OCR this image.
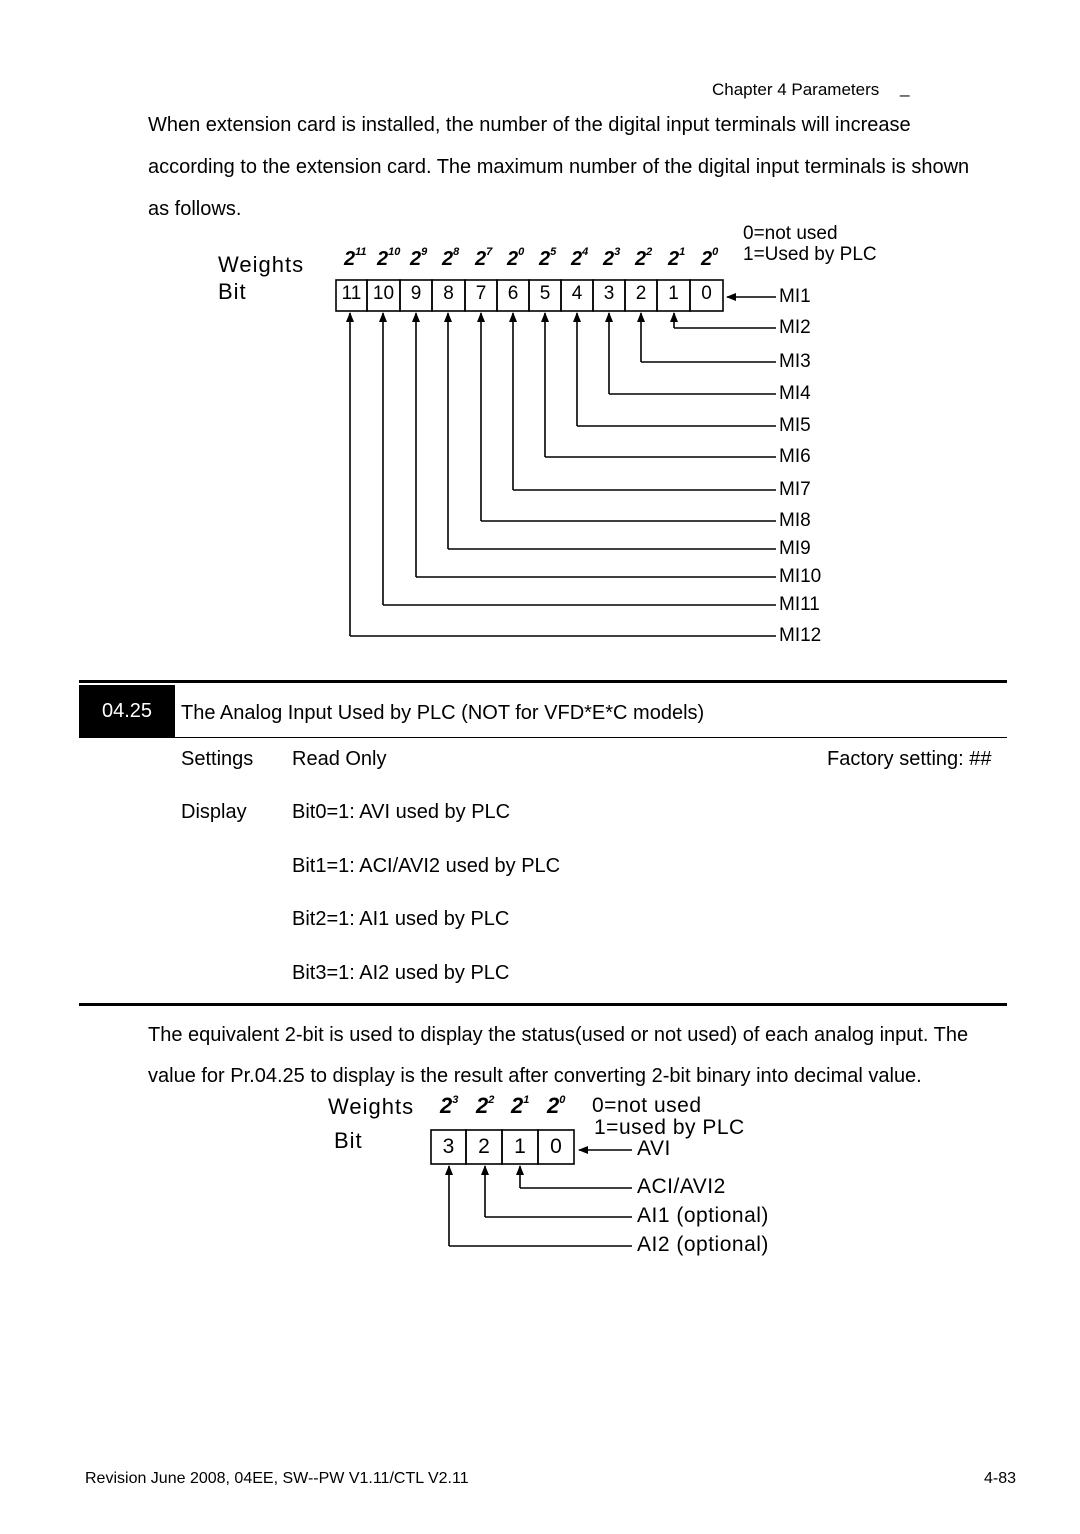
Chapter 4 Parameters _
When extension card is installed, the number of the digital input terminals will increase
according to the extension card. The maximum number of the digital input terminals is shown
as follows.
Weights
Bit
0=not used
1=Used by PLC
$2^{11}$ $2^{10}$ $2^9$ $2^8$ $2^7$ $2^0$ $2^5$ $2^4$ $2^3$ $2^2$ $2^1$ $2^0$
11 10 9	8	7	6	5	4	3	2	1	0	MI1
MI2
MI3
MI4
MI5
MI6
MI7
MI8
MI9
MI10
MI11
MI12
04.25	The Analog Input Used by PLC (NOT for VFD*E*C models)
Settings Read Only	Factory setting: ##
Display Bit0=1: AVI used by PLC
Bit1=1: ACI/AVI2 used by PLC
Bit2=1: AI1 used by PLC
Bit3=1: AI2 used by PLC
The equivalent 2-bit is used to display the status(used or not used) of each analog input. The
value for Pr.04.25 to display is the result after converting 2-bit binary into decimal value.
Weights
Bit
0=not used
1=used by PLC
$2^3$ $2^2$ $2^1$ $2^0$
3	2	1	0	AVI
ACI/AVI2
AI1 (optional)
AI2 (optional)
Revision June 2008, 04EE, SW--PW V1.11/CTL V2.11	4-83
